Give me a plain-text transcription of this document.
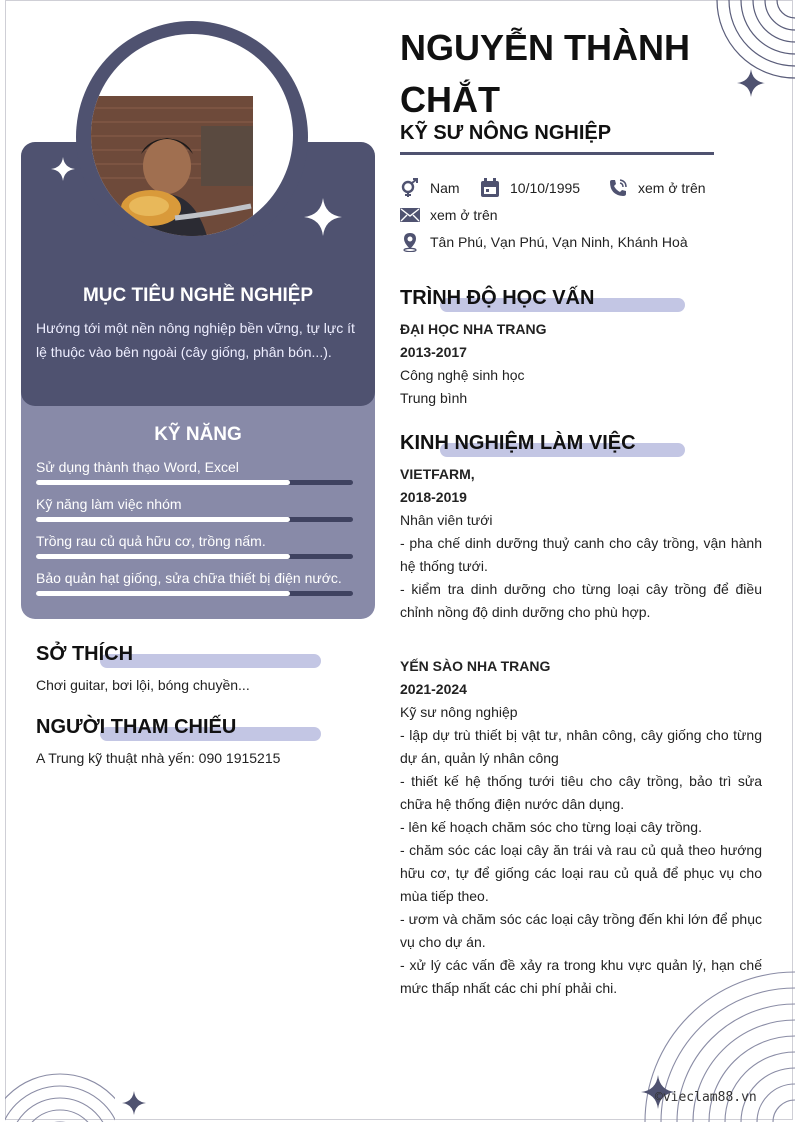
MỤC TIÊU NGHỀ NGHIỆP
Hướng tới một nền nông nghiệp bền vững, tự lực ít lệ thuộc vào bên ngoài (cây giống, phân bón...).
KỸ NĂNG
Sử dụng thành thạo Word, Excel
Kỹ năng làm việc nhóm
Trồng rau củ quả hữu cơ, trồng nấm.
Bảo quản hạt giống, sửa chữa thiết bị điện nước.
SỞ THÍCH
Chơi guitar, bơi lội, bóng chuyền...
NGƯỜI THAM CHIẾU
A Trung kỹ thuật nhà yến: 090 1915215
NGUYỄN THÀNH CHẮT
KỸ SƯ NÔNG NGHIỆP
Nam	10/10/1995	xem ở trên
xem ở trên
Tân Phú, Vạn Phú, Vạn Ninh, Khánh Hoà
TRÌNH ĐỘ HỌC VẤN
ĐẠI HỌC NHA TRANG
2013-2017
Công nghệ sinh học
Trung bình
KINH NGHIỆM LÀM VIỆC
VIETFARM,
2018-2019
Nhân viên tưới
- pha chế dinh dưỡng thuỷ canh cho cây trồng, vận hành hệ thống tưới.
- kiểm tra dinh dưỡng cho từng loại cây trồng để điều chỉnh nồng độ dinh dưỡng cho phù hợp.
YẾN SÀO NHA TRANG
2021-2024
Kỹ sư nông nghiệp
- lập dự trù thiết bị vật tư, nhân công, cây giống cho từng dự án, quản lý nhân công
- thiết kế hệ thống tưới tiêu cho cây trồng, bảo trì sửa chữa hệ thống điện nước dân dụng.
- lên kế hoạch chăm sóc cho từng loại cây trồng.
- chăm sóc các loại cây ăn trái và rau củ quả theo hướng hữu cơ, tự để giống các loại rau củ quả để phục vụ cho mùa tiếp theo.
- ươm và chăm sóc các loại cây trồng đến khi lớn để phục vụ cho dự án.
- xử lý các vấn đề xảy ra trong khu vực quản lý, hạn chế mức thấp nhất các chi phí phải chi.
©vieclam88.vn
